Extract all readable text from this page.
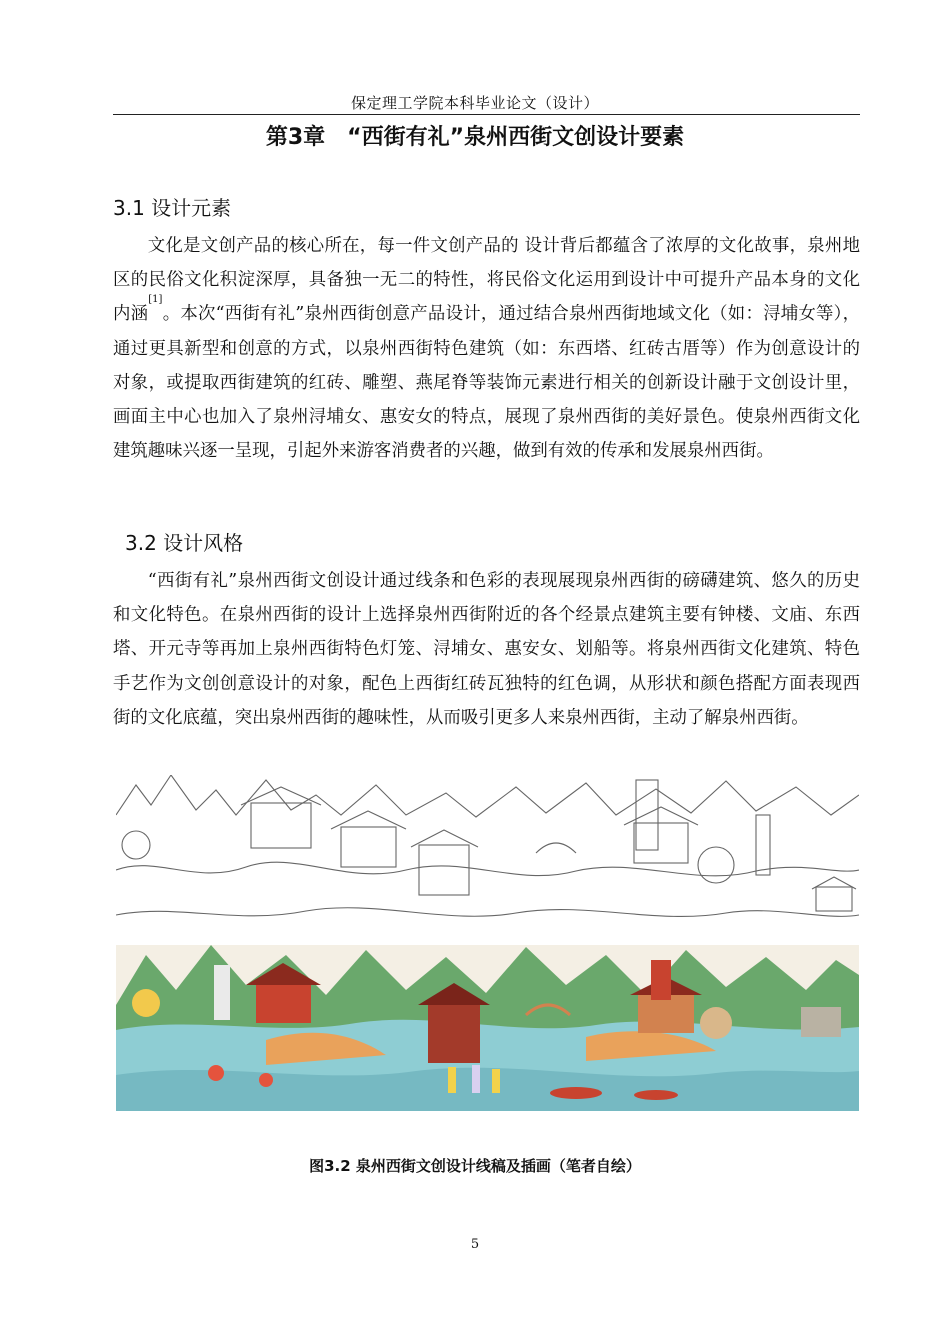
保定理工学院本科毕业论文（设计）
第3章　“西街有礼”泉州西街文创设计要素
3.1 设计元素

文化是文创产品的核心所在，每一件文创产品的 设计背后都蕴含了浓厚的文化故事，泉州地区的民俗文化积淀深厚，具备独一无二的特性，将民俗文化运用到设计中可提升产品本身的文化内涵[1]。本次“西街有礼”泉州西街创意产品设计，通过结合泉州西街地域文化（如：浔埔女等），通过更具新型和创意的方式，以泉州西街特色建筑（如：东西塔、红砖古厝等）作为创意设计的对象，或提取西街建筑的红砖、雕塑、燕尾脊等装饰元素进行相关的创新设计融于文创设计里，画面主中心也加入了泉州浔埔女、惠安女的特点，展现了泉州西街的美好景色。使泉州西街文化建筑趣味兴逐一呈现，引起外来游客消费者的兴趣，做到有效的传承和发展泉州西街。

3.2 设计风格

“西街有礼”泉州西街文创设计通过线条和色彩的表现展现泉州西街的磅礴建筑、悠久的历史和文化特色。在泉州西街的设计上选择泉州西街附近的各个经景点建筑主要有钟楼、文庙、东西塔、开元寺等再加上泉州西街特色灯笼、浔埔女、惠安女、划船等。将泉州西街文化建筑、特色手艺作为文创创意设计的对象，配色上西街红砖瓦独特的红色调，从形状和颜色搭配方面表现西街的文化底蕴，突出泉州西街的趣味性，从而吸引更多人来泉州西街，主动了解泉州西街。

图3.2 泉州西街文创设计线稿及插画（笔者自绘）
5
